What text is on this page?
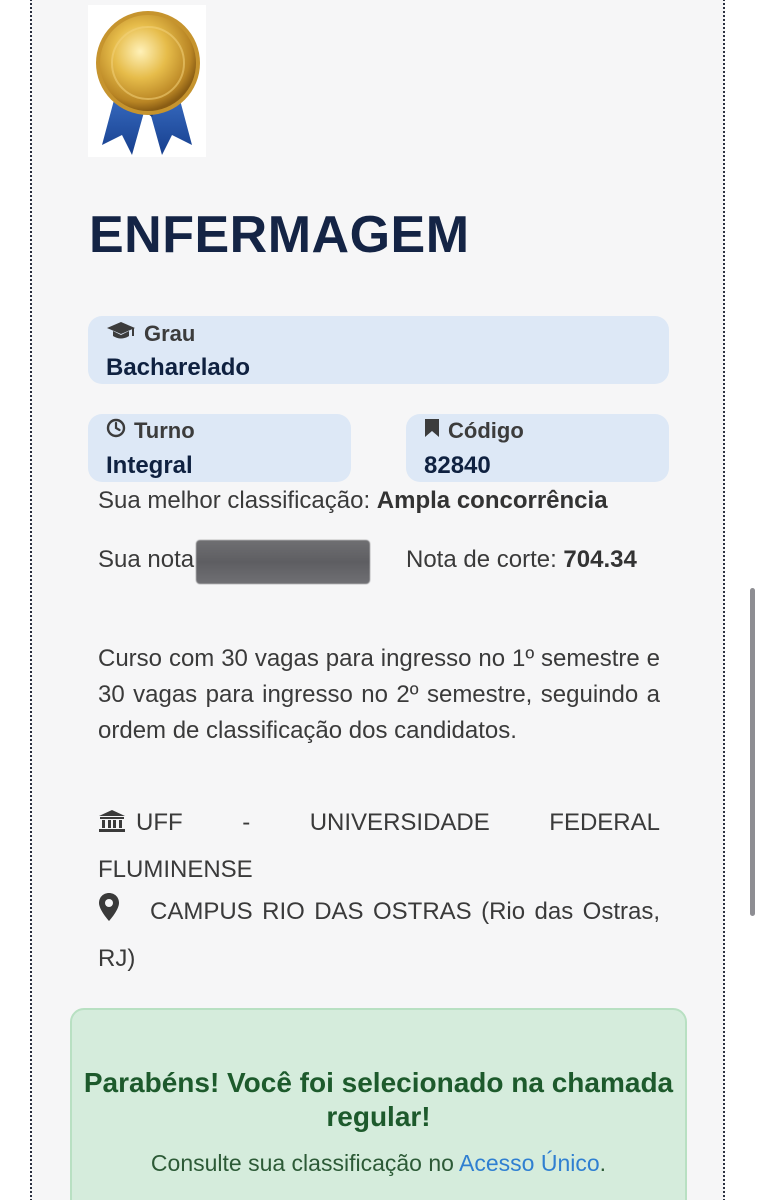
ENFERMAGEM
Grau
Bacharelado
Turno
Integral
Código
82840
Sua melhor classificação: Ampla concorrência
Sua nota	Nota de corte: 704.34
Curso com 30 vagas para ingresso no 1º semestre e 30 vagas para ingresso no 2º semestre, seguindo a ordem de classificação dos candidatos.
UFF - UNIVERSIDADE FEDERAL FLUMINENSE
CAMPUS RIO DAS OSTRAS (Rio das Ostras, RJ)
Parabéns! Você foi selecionado na chamada regular!
Consulte sua classificação no Acesso Único.
